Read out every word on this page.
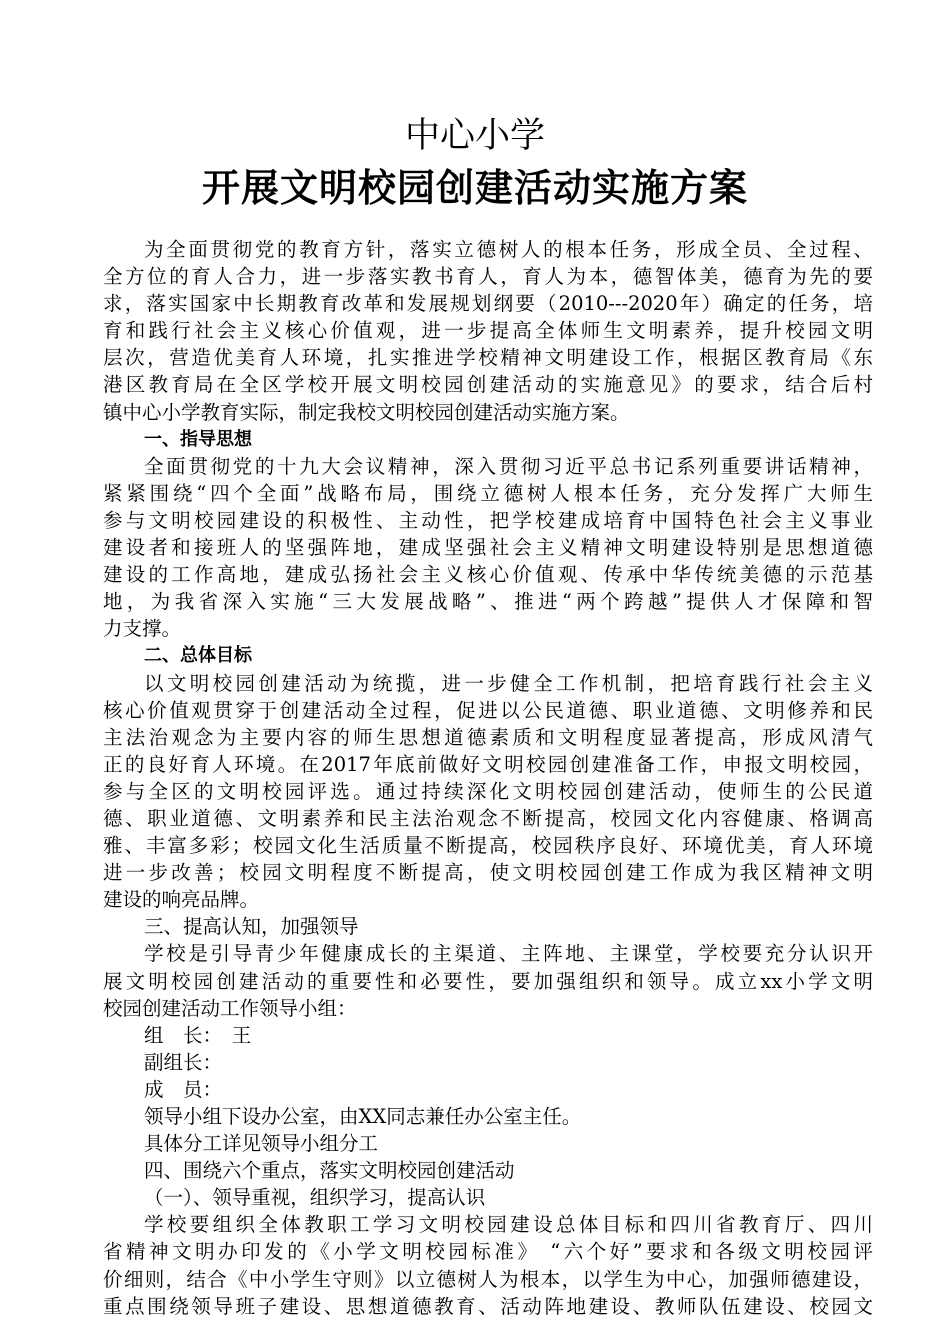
中心小学
开展文明校园创建活动实施方案
为全面贯彻党的教育方针，落实立德树人的根本任务，形成全员、全过程、
全方位的育人合力，进一步落实教书育人，育人为本，德智体美，德育为先的要
求，落实国家中长期教育改革和发展规划纲要（2010---2020年）确定的任务，培
育和践行社会主义核心价值观，进一步提高全体师生文明素养，提升校园文明
层次，营造优美育人环境，扎实推进学校精神文明建设工作，根据区教育局《东
港区教育局在全区学校开展文明校园创建活动的实施意见》的要求，结合后村
镇中心小学教育实际，制定我校文明校园创建活动实施方案。
一、指导思想
全面贯彻党的十九大会议精神，深入贯彻习近平总书记系列重要讲话精神，
紧紧围绕“四个全面”战略布局，围绕立德树人根本任务，充分发挥广大师生
参与文明校园建设的积极性、主动性，把学校建成培育中国特色社会主义事业
建设者和接班人的坚强阵地，建成坚强社会主义精神文明建设特别是思想道德
建设的工作高地，建成弘扬社会主义核心价值观、传承中华传统美德的示范基
地，为我省深入实施“三大发展战略”、推进“两个跨越”提供人才保障和智
力支撑。
二、总体目标
以文明校园创建活动为统揽，进一步健全工作机制，把培育践行社会主义
核心价值观贯穿于创建活动全过程，促进以公民道德、职业道德、文明修养和民
主法治观念为主要内容的师生思想道德素质和文明程度显著提高，形成风清气
正的良好育人环境。在2017年底前做好文明校园创建准备工作，申报文明校园，
参与全区的文明校园评选。通过持续深化文明校园创建活动，使师生的公民道
德、职业道德、文明素养和民主法治观念不断提高，校园文化内容健康、格调高
雅、丰富多彩；校园文化生活质量不断提高，校园秩序良好、环境优美，育人环境
进一步改善；校园文明程度不断提高，使文明校园创建工作成为我区精神文明
建设的响亮品牌。
三、提高认知，加强领导
学校是引导青少年健康成长的主渠道、主阵地、主课堂，学校要充分认识开
展文明校园创建活动的重要性和必要性，要加强组织和领导。成立xx小学文明
校园创建活动工作领导小组：
组　长：　王
副组长：
成　员：
领导小组下设办公室，由XX同志兼任办公室主任。
具体分工详见领导小组分工
四、围绕六个重点，落实文明校园创建活动
（一）、领导重视，组织学习，提高认识
学校要组织全体教职工学习文明校园建设总体目标和四川省教育厅、四川
省精神文明办印发的《小学文明校园标准》 “六个好”要求和各级文明校园评
价细则，结合《中小学生守则》以立德树人为根本，以学生为中心，加强师德建设，
重点围绕领导班子建设、思想道德教育、活动阵地建设、教师队伍建设、校园文
